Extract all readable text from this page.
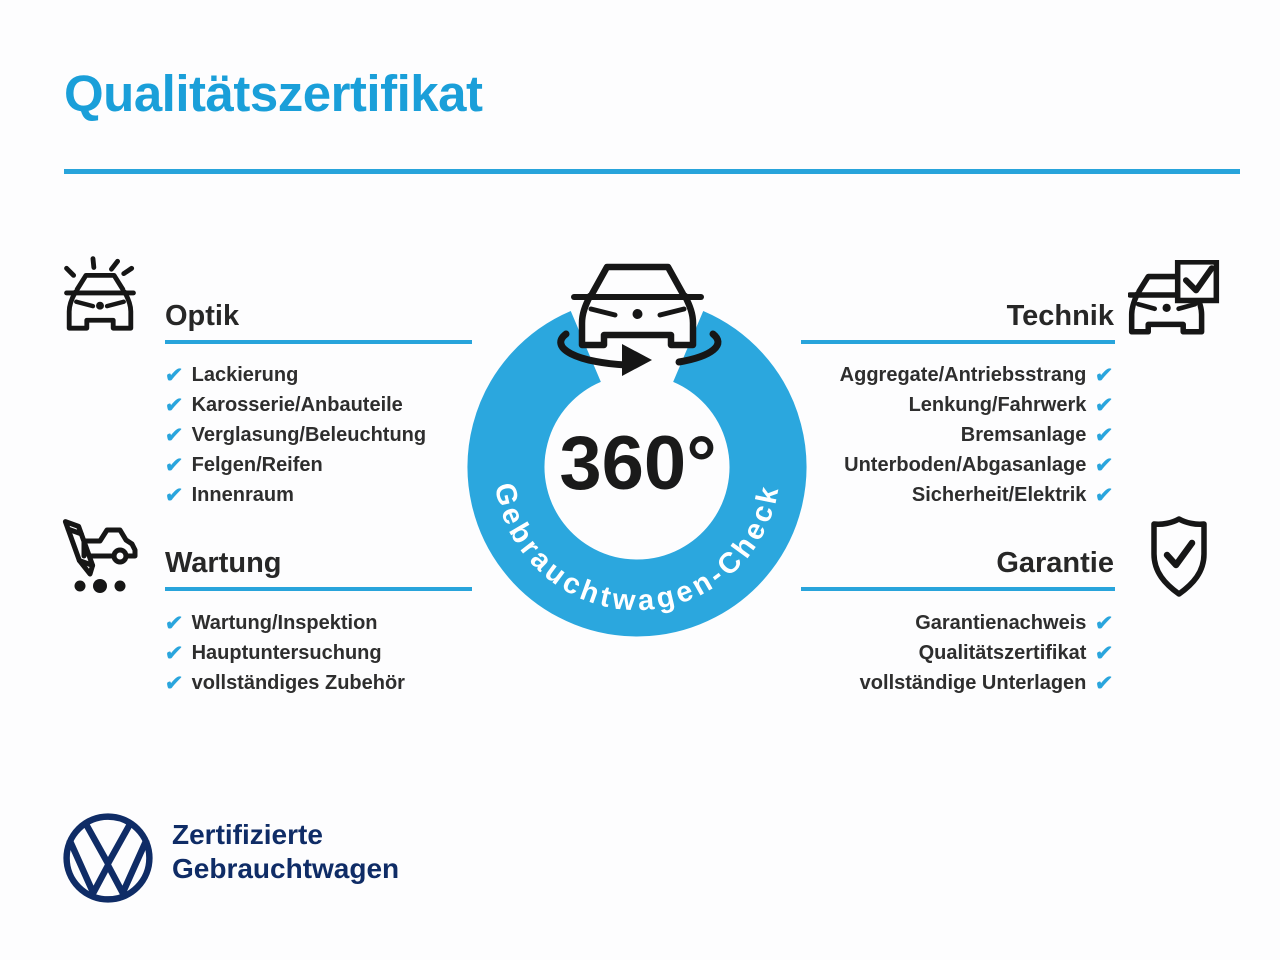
Qualitätszertifikat
Optik
✔ Lackierung
✔ Karosserie/Anbauteile
✔ Verglasung/Beleuchtung
✔ Felgen/Reifen
✔ Innenraum
Technik
Aggregate/Antriebsstrang ✔
Lenkung/Fahrwerk ✔
Bremsanlage ✔
Unterboden/Abgasanlage ✔
Sicherheit/Elektrik ✔
Wartung
✔ Wartung/Inspektion
✔ Hauptuntersuchung
✔ vollständiges Zubehör
Garantie
Garantienachweis ✔
Qualitätszertifikat ✔
vollständige Unterlagen ✔
Gebrauchtwagen-Check
360°
Zertifizierte
Gebrauchtwagen
